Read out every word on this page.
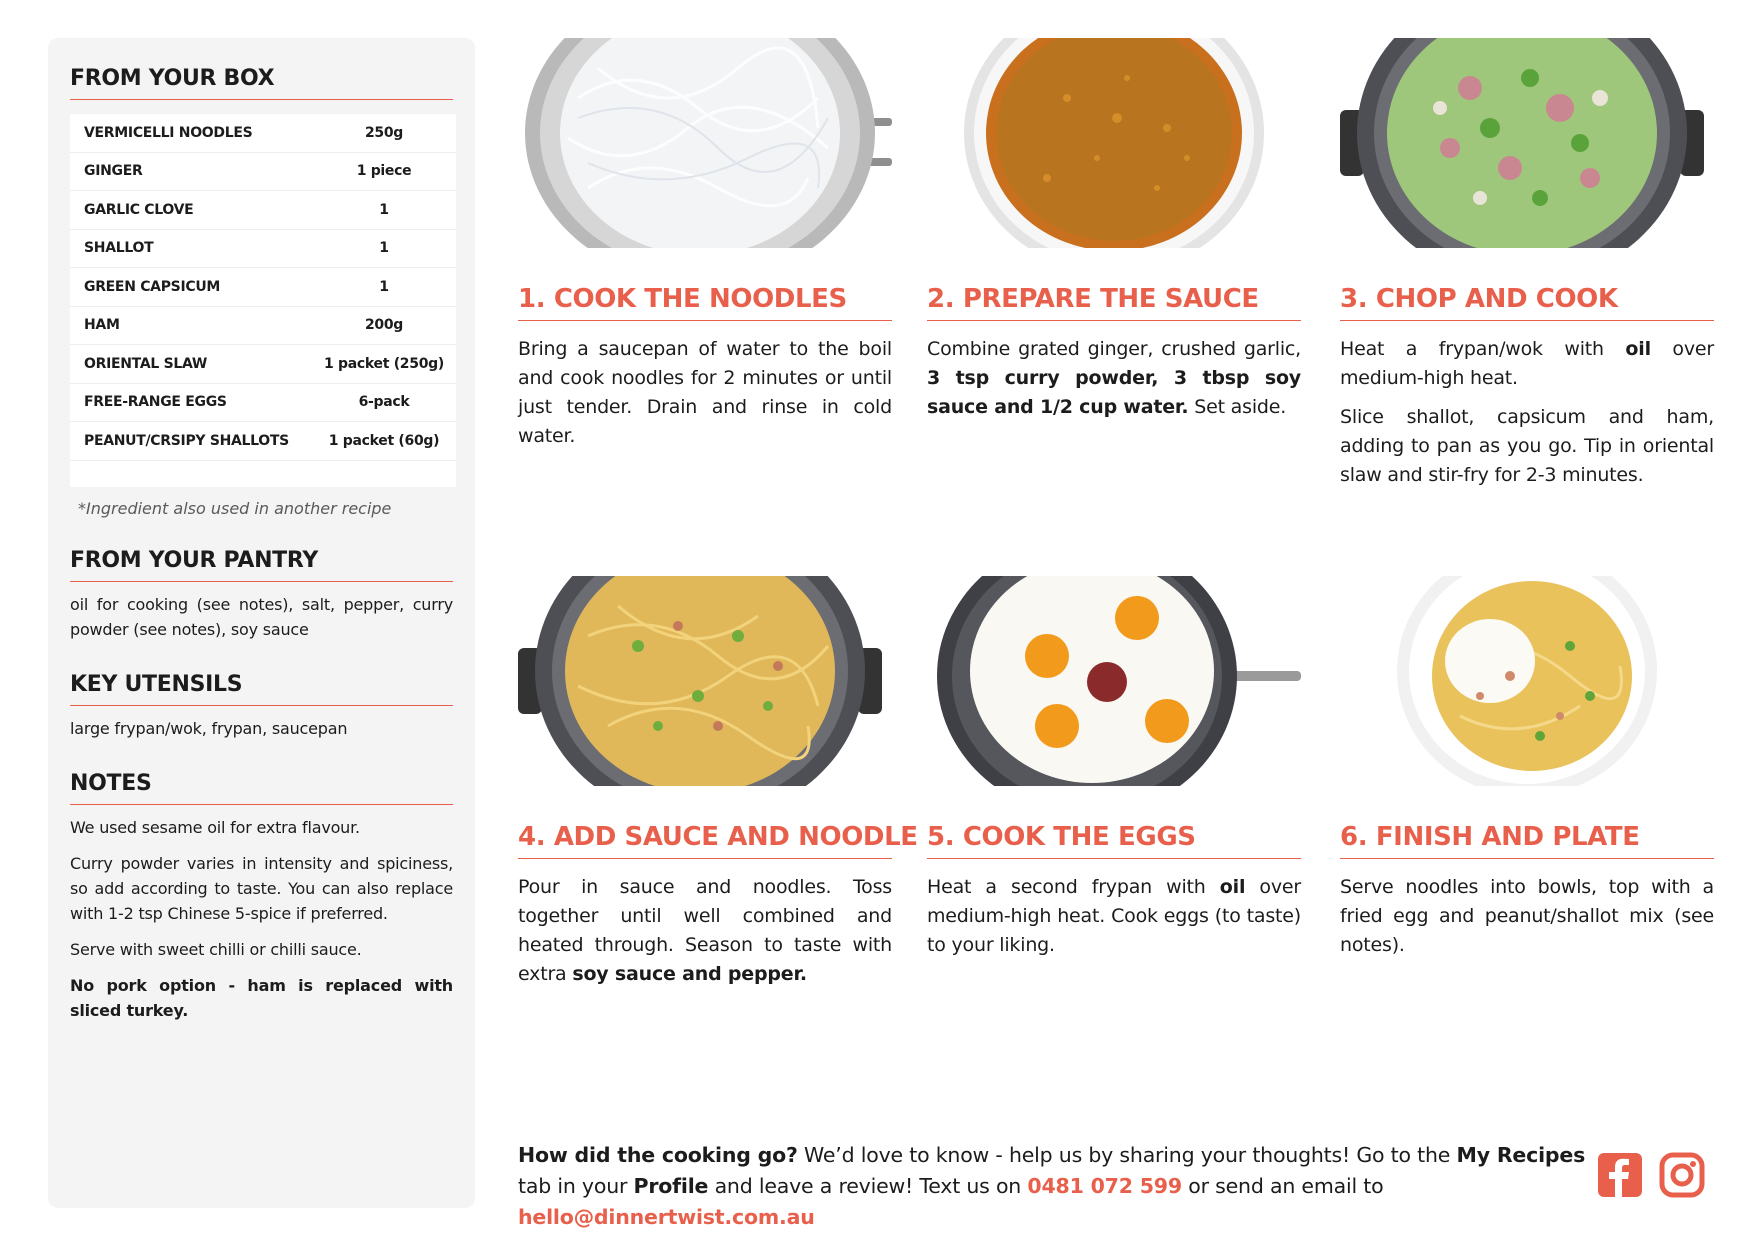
FROM YOUR BOX
VERMICELLI NOODLES	250g
GINGER	1 piece
GARLIC CLOVE	1
SHALLOT	1
GREEN CAPSICUM	1
HAM	200g
ORIENTAL SLAW	1 packet (250g)
FREE-RANGE EGGS	6-pack
PEANUT/CRSIPY SHALLOTS	1 packet (60g)
*Ingredient also used in another recipe
FROM YOUR PANTRY
oil for cooking (see notes), salt, pepper, curry powder (see notes), soy sauce
KEY UTENSILS
large frypan/wok, frypan, saucepan
NOTES

We used sesame oil for extra flavour.

Curry powder varies in intensity and spiciness, so add according to taste. You can also replace with 1-2 tsp Chinese 5-spice if preferred.

Serve with sweet chilli or chilli sauce.

No pork option - ham is replaced with sliced turkey.

1. COOK THE NOODLES

Bring a saucepan of water to the boil and cook noodles for 2 minutes or until just tender. Drain and rinse in cold water.

2. PREPARE THE SAUCE

Combine grated ginger, crushed garlic, 3 tsp curry powder, 3 tbsp soy sauce and 1/2 cup water. Set aside.

3. CHOP AND COOK

Heat a frypan/wok with oil over medium-high heat.

Slice shallot, capsicum and ham, adding to pan as you go. Tip in oriental slaw and stir-fry for 2-3 minutes.

4. ADD SAUCE AND NOODLE

Pour in sauce and noodles. Toss together until well combined and heated through. Season to taste with extra soy sauce and pepper.

5. COOK THE EGGS

Heat a second frypan with oil over medium-high heat. Cook eggs (to taste) to your liking.

6. FINISH AND PLATE

Serve noodles into bowls, top with a fried egg and peanut/shallot mix (see notes).

How did the cooking go? We’d love to know - help us by sharing your thoughts! Go to the My Recipes tab in your Profile and leave a review! Text us on 0481 072 599 or send an email to hello@dinnertwist.com.au
